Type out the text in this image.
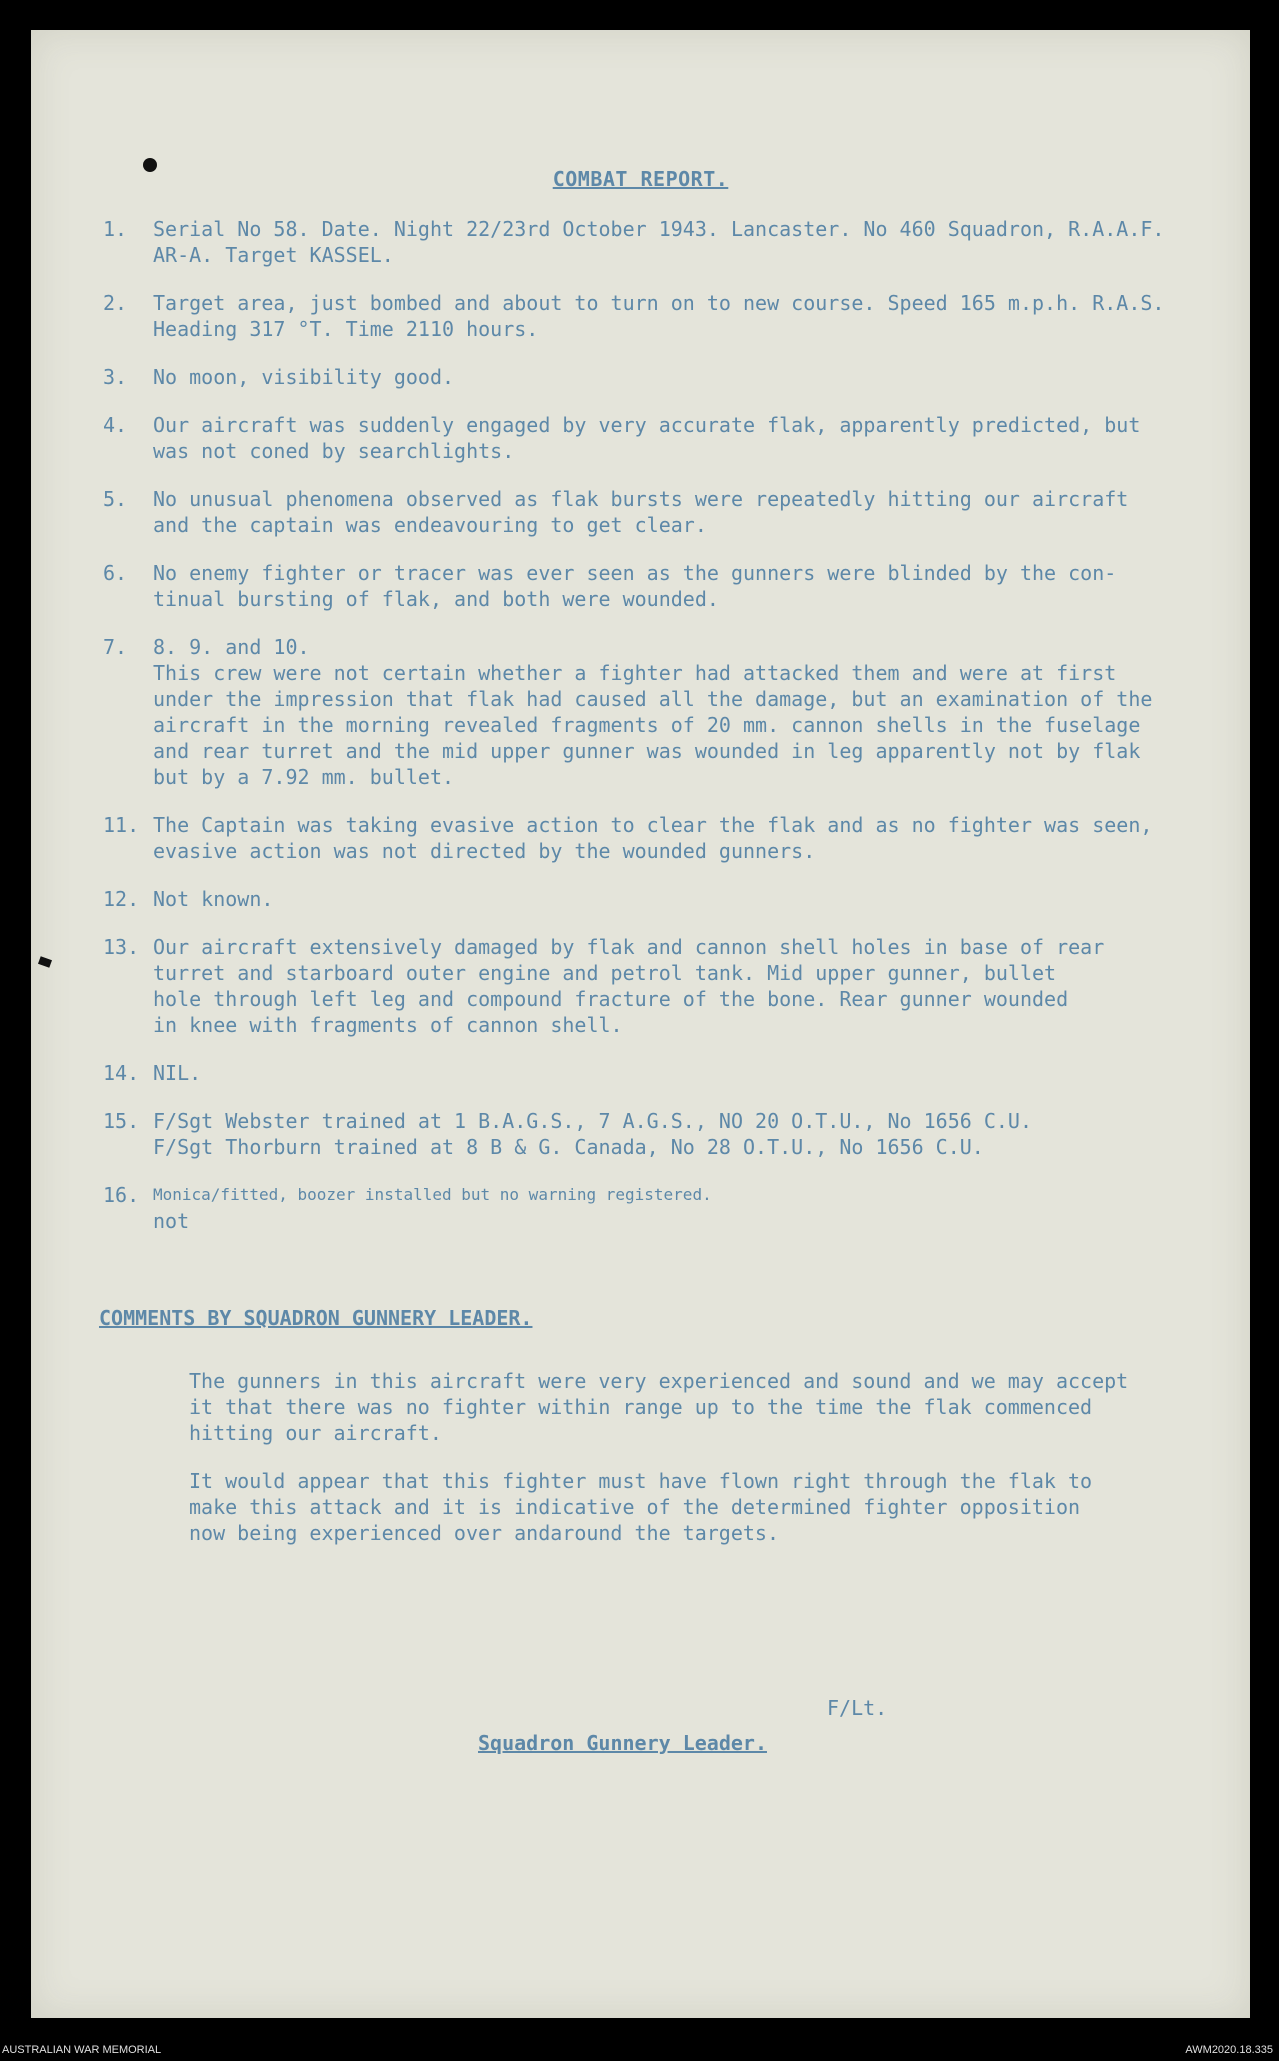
COMBAT REPORT.
1.	Serial No 58. Date. Night 22/23rd October 1943. Lancaster. No 460 Squadron, R.A.A.F.
AR-A. Target KASSEL.
2.	Target area, just bombed and about to turn on to new course. Speed 165 m.p.h. R.A.S.
Heading 317 °T. Time 2110 hours.
3.	No moon, visibility good.
4.	Our aircraft was suddenly engaged by very accurate flak, apparently predicted, but
was not coned by searchlights.
5.	No unusual phenomena observed as flak bursts were repeatedly hitting our aircraft
and the captain was endeavouring to get clear.
6.	No enemy fighter or tracer was ever seen as the gunners were blinded by the con-
tinual bursting of flak, and both were wounded.
7.	8. 9. and 10.
This crew were not certain whether a fighter had attacked them and were at first
under the impression that flak had caused all the damage, but an examination of the
aircraft in the morning revealed fragments of 20 mm. cannon shells in the fuselage
and rear turret and the mid upper gunner was wounded in leg apparently not by flak
but by a 7.92 mm. bullet.
11. The Captain was taking evasive action to clear the flak and as no fighter was seen,
evasive action was not directed by the wounded gunners.
12. Not known.
13. Our aircraft extensively damaged by flak and cannon shell holes in base of rear
turret and starboard outer engine and petrol tank. Mid upper gunner, bullet
hole through left leg and compound fracture of the bone. Rear gunner wounded
in knee with fragments of cannon shell.
14. NIL.
15. F/Sgt Webster trained at 1 B.A.G.S., 7 A.G.S., NO 20 O.T.U., No 1656 C.U.
F/Sgt Thorburn trained at 8 B & G. Canada, No 28 O.T.U., No 1656 C.U.
16. Monica/fitted, boozer installed but no warning registered.
not
COMMENTS BY SQUADRON GUNNERY LEADER.

The gunners in this aircraft were very experienced and sound and we may accept
it that there was no fighter within range up to the time the flak commenced
hitting our aircraft.

It would appear that this fighter must have flown right through the flak to
make this attack and it is indicative of the determined fighter opposition
now being experienced over andaround the targets.

F/Lt.
Squadron Gunnery Leader.
AUSTRALIAN WAR MEMORIAL	AWM2020.18.335
